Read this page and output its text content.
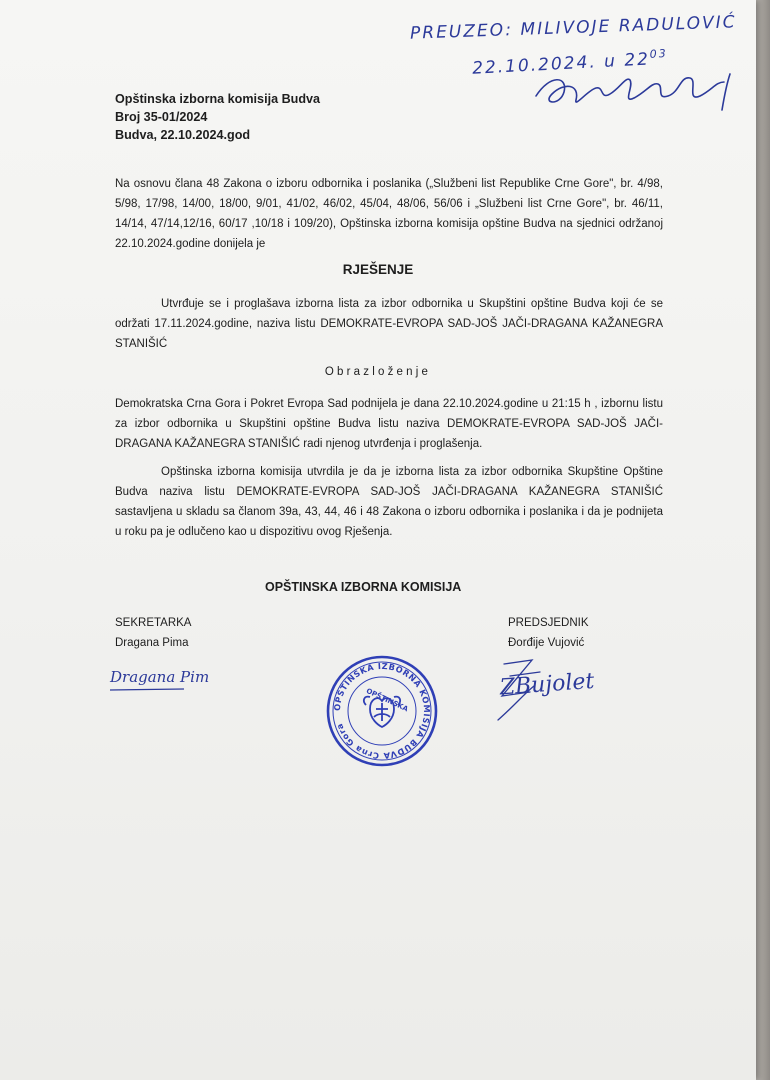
PREUZEO: MILIVOJE RADULOVIĆ
22.10.2024. u $22^{03}$
Opštinska izborna komisija Budva
Broj 35-01/2024
Budva, 22.10.2024.god
Na osnovu člana 48 Zakona o izboru odbornika i poslanika („Službeni list Republike Crne Gore", br. 4/98, 5/98, 17/98, 14/00, 18/00, 9/01, 41/02, 46/02, 45/04, 48/06, 56/06 i „Službeni list Crne Gore", br. 46/11, 14/14, 47/14,12/16, 60/17 ,10/18 i 109/20), Opštinska izborna komisija opštine Budva na sjednici održanoj 22.10.2024.godine donijela je
RJEŠENJE
Utvrđuje se i proglašava izborna lista za izbor odbornika u Skupštini opštine Budva koji će se održati 17.11.2024.godine, naziva listu DEMOKRATE-EVROPA SAD-JOŠ JAČI-DRAGANA KAŽANEGRA STANIŠIĆ
Obrazloženje
Demokratska Crna Gora i Pokret Evropa Sad podnijela je dana 22.10.2024.godine u 21:15 h , izbornu listu za izbor odbornika u Skupštini opštine Budva listu naziva DEMOKRATE-EVROPA SAD-JOŠ JAČI-DRAGANA KAŽANEGRA STANIŠIĆ radi njenog utvrđenja i proglašenja.
Opštinska izborna komisija utvrdila je da je izborna lista za izbor odbornika Skupštine Opštine Budva naziva listu DEMOKRATE-EVROPA SAD-JOŠ JAČI-DRAGANA KAŽANEGRA STANIŠIĆ sastavljena u skladu sa članom 39a, 43, 44, 46 i 48 Zakona o izboru odbornika i poslanika i da je podnijeta u roku pa je odlučeno kao u dispozitivu ovog Rješenja.
OPŠTINSKA IZBORNA KOMISIJA
SEKRETARKA
Dragana Pima
Dragana Pim
OPŠTINSKA IZBORNA KOMISIJA BUDVA Crna Gora
OPŠTINSKA
PREDSJEDNIK
Đorđije Vujović
ZBujolet
